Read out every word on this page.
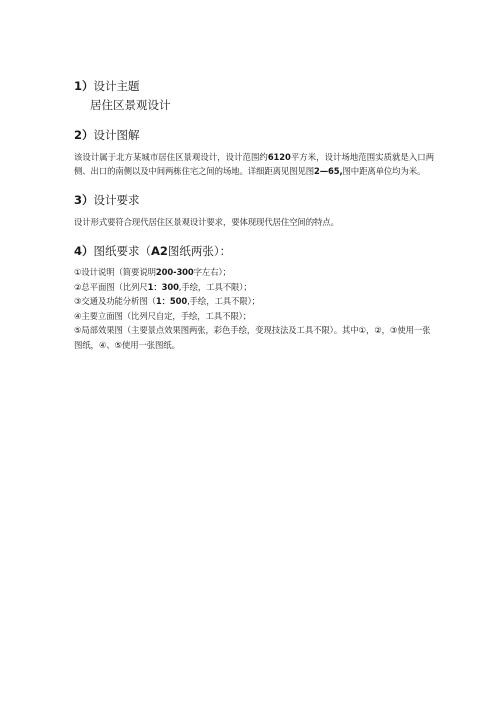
1）设计主题

居住区景观设计

2）设计图解

该设计属于北方某城市居住区景观设计，设计范围约6120平方米，设计场地范围实质就是入口两侧、出口的南侧以及中间两栋住宅之间的场地。详细距离见图见图2—65,图中距离单位均为米。

3）设计要求

设计形式要符合现代居住区景观设计要求，要体现现代居住空间的特点。

4）图纸要求（A2图纸两张）：

①设计说明（简要说明200-300字左右）；
②总平面图（比列尺1：300,手绘，工具不限）；
③交通及功能分析图（1：500,手绘，工具不限）；
④主要立面图（比列尺自定，手绘，工具不限）；
⑤局部效果图（主要景点效果图两张，彩色手绘，变现技法及工具不限）。其中①，②，③使用一张图纸，④、⑤使用一张图纸。
